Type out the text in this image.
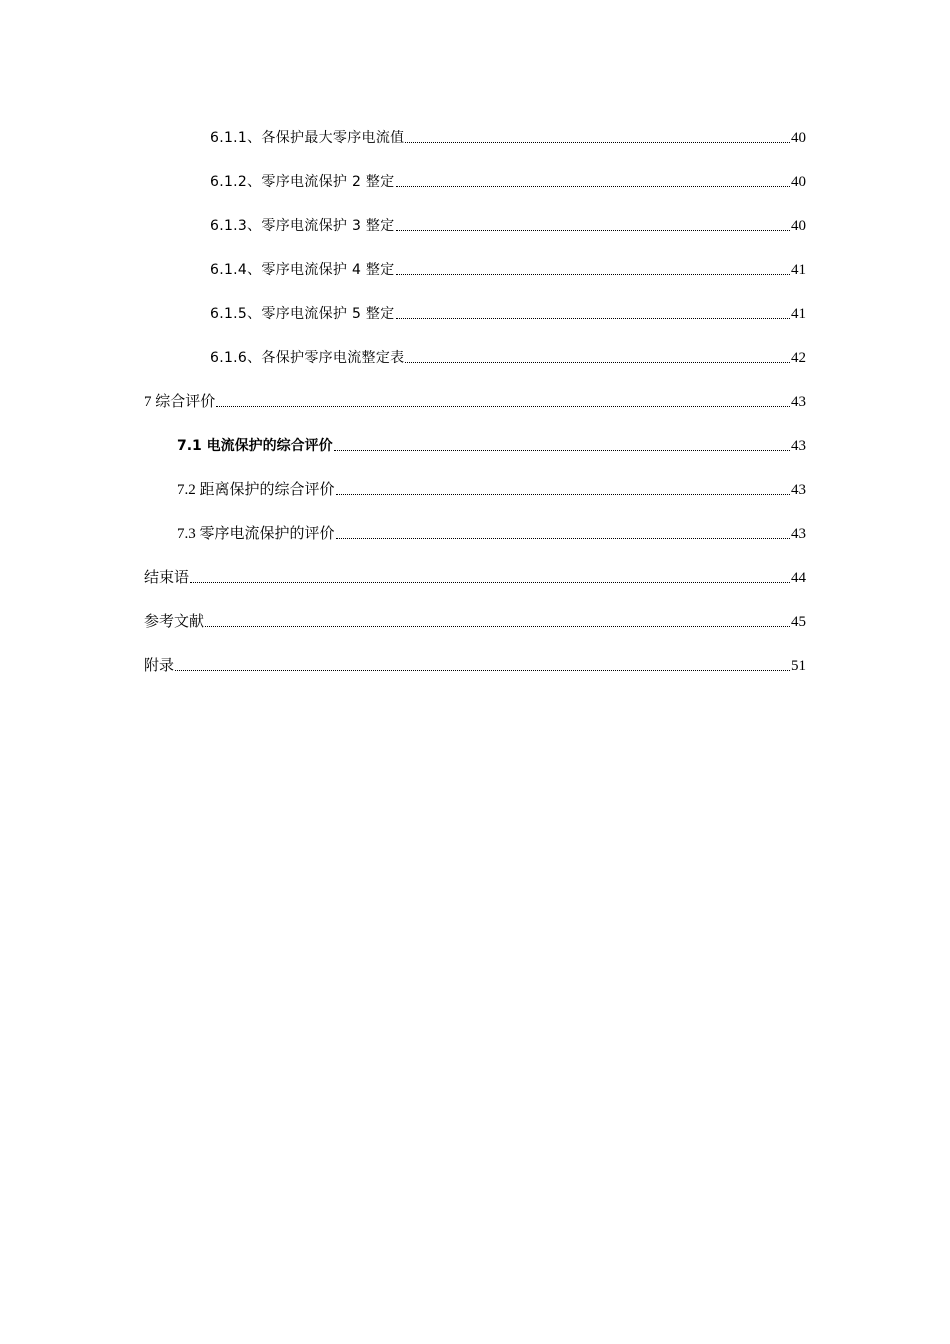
6.1.1、各保护最大零序电流值	40
6.1.2、零序电流保护 2 整定	40
6.1.3、零序电流保护 3 整定	40
6.1.4、零序电流保护 4 整定	41
6.1.5、零序电流保护 5 整定	41
6.1.6、各保护零序电流整定表	42
7 综合评价	43
7.1 电流保护的综合评价	43
7.2 距离保护的综合评价	43
7.3 零序电流保护的评价	43
结束语	44
参考文献	45
附录	51
